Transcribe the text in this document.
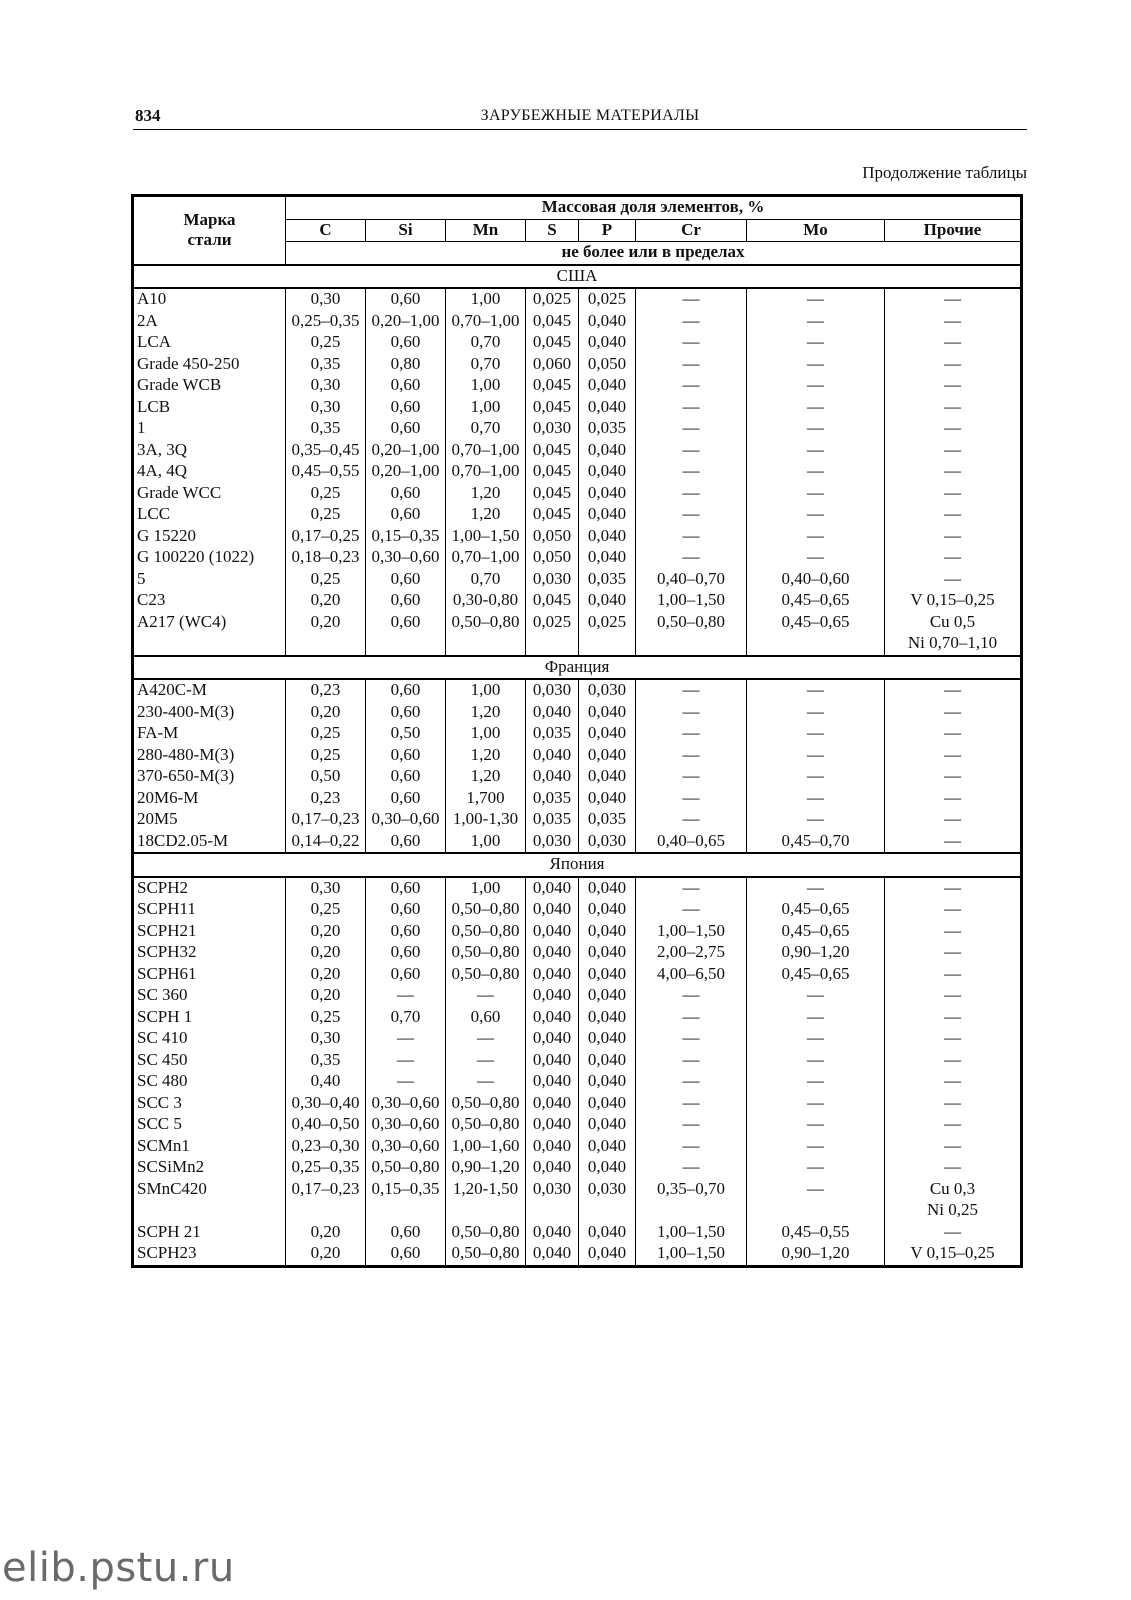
834	ЗАРУБЕЖНЫЕ МАТЕРИАЛЫ
Продолжение таблицы
Марка
стали	Массовая доля элементов, %							
	C	Si	Mn	S	P	Cr	Mo	Прочие
	не более или в пределах							
США								
A10	0,30	0,60	1,00	0,025	0,025	—	—	—
2A	0,25–0,35	0,20–1,00	0,70–1,00	0,045	0,040	—	—	—
LCA	0,25	0,60	0,70	0,045	0,040	—	—	—
Grade 450-250	0,35	0,80	0,70	0,060	0,050	—	—	—
Grade WCB	0,30	0,60	1,00	0,045	0,040	—	—	—
LCB	0,30	0,60	1,00	0,045	0,040	—	—	—
1	0,35	0,60	0,70	0,030	0,035	—	—	—
3A, 3Q	0,35–0,45	0,20–1,00	0,70–1,00	0,045	0,040	—	—	—
4A, 4Q	0,45–0,55	0,20–1,00	0,70–1,00	0,045	0,040	—	—	—
Grade WCC	0,25	0,60	1,20	0,045	0,040	—	—	—
LCC	0,25	0,60	1,20	0,045	0,040	—	—	—
G 15220	0,17–0,25	0,15–0,35	1,00–1,50	0,050	0,040	—	—	—
G 100220 (1022)	0,18–0,23	0,30–0,60	0,70–1,00	0,050	0,040	—	—	—
5	0,25	0,60	0,70	0,030	0,035	0,40–0,70	0,40–0,60	—
C23	0,20	0,60	0,30-0,80	0,045	0,040	1,00–1,50	0,45–0,65	V 0,15–0,25
A217 (WC4)	0,20	0,60	0,50–0,80	0,025	0,025	0,50–0,80	0,45–0,65	Cu 0,5
								Ni 0,70–1,10
Франция								
A420C-M	0,23	0,60	1,00	0,030	0,030	—	—	—
230-400-M(3)	0,20	0,60	1,20	0,040	0,040	—	—	—
FA-M	0,25	0,50	1,00	0,035	0,040	—	—	—
280-480-M(3)	0,25	0,60	1,20	0,040	0,040	—	—	—
370-650-M(3)	0,50	0,60	1,20	0,040	0,040	—	—	—
20M6-M	0,23	0,60	1,700	0,035	0,040	—	—	—
20M5	0,17–0,23	0,30–0,60	1,00-1,30	0,035	0,035	—	—	—
18CD2.05-M	0,14–0,22	0,60	1,00	0,030	0,030	0,40–0,65	0,45–0,70	—
Япония								
SCPH2	0,30	0,60	1,00	0,040	0,040	—	—	—
SCPH11	0,25	0,60	0,50–0,80	0,040	0,040	—	0,45–0,65	—
SCPH21	0,20	0,60	0,50–0,80	0,040	0,040	1,00–1,50	0,45–0,65	—
SCPH32	0,20	0,60	0,50–0,80	0,040	0,040	2,00–2,75	0,90–1,20	—
SCPH61	0,20	0,60	0,50–0,80	0,040	0,040	4,00–6,50	0,45–0,65	—
SC 360	0,20	—	—	0,040	0,040	—	—	—
SCPH 1	0,25	0,70	0,60	0,040	0,040	—	—	—
SC 410	0,30	—	—	0,040	0,040	—	—	—
SC 450	0,35	—	—	0,040	0,040	—	—	—
SC 480	0,40	—	—	0,040	0,040	—	—	—
SCC 3	0,30–0,40	0,30–0,60	0,50–0,80	0,040	0,040	—	—	—
SCC 5	0,40–0,50	0,30–0,60	0,50–0,80	0,040	0,040	—	—	—
SCMn1	0,23–0,30	0,30–0,60	1,00–1,60	0,040	0,040	—	—	—
SCSiMn2	0,25–0,35	0,50–0,80	0,90–1,20	0,040	0,040	—	—	—
SMnC420	0,17–0,23	0,15–0,35	1,20-1,50	0,030	0,030	0,35–0,70	—	Cu 0,3
								Ni 0,25
SCPH 21	0,20	0,60	0,50–0,80	0,040	0,040	1,00–1,50	0,45–0,55	—
SCPH23	0,20	0,60	0,50–0,80	0,040	0,040	1,00–1,50	0,90–1,20	V 0,15–0,25
elib.pstu.ru
